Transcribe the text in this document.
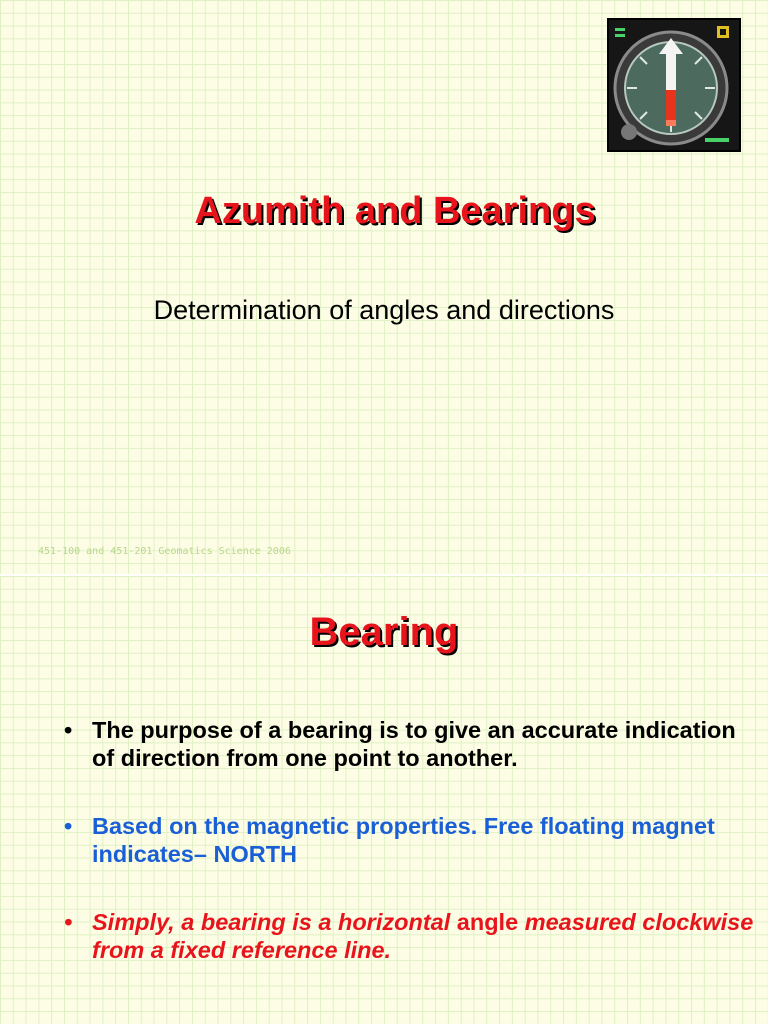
Azumith and Bearings
Determination of angles and directions
451-100 and 451-201 Geomatics Science 2006
Bearing
• The purpose of a bearing is to give an accurate indication of direction from one point to another.
• Based on the magnetic properties. Free floating magnet indicates– NORTH
• Simply, a bearing is a horizontal angle measured clockwise from a fixed reference line.
